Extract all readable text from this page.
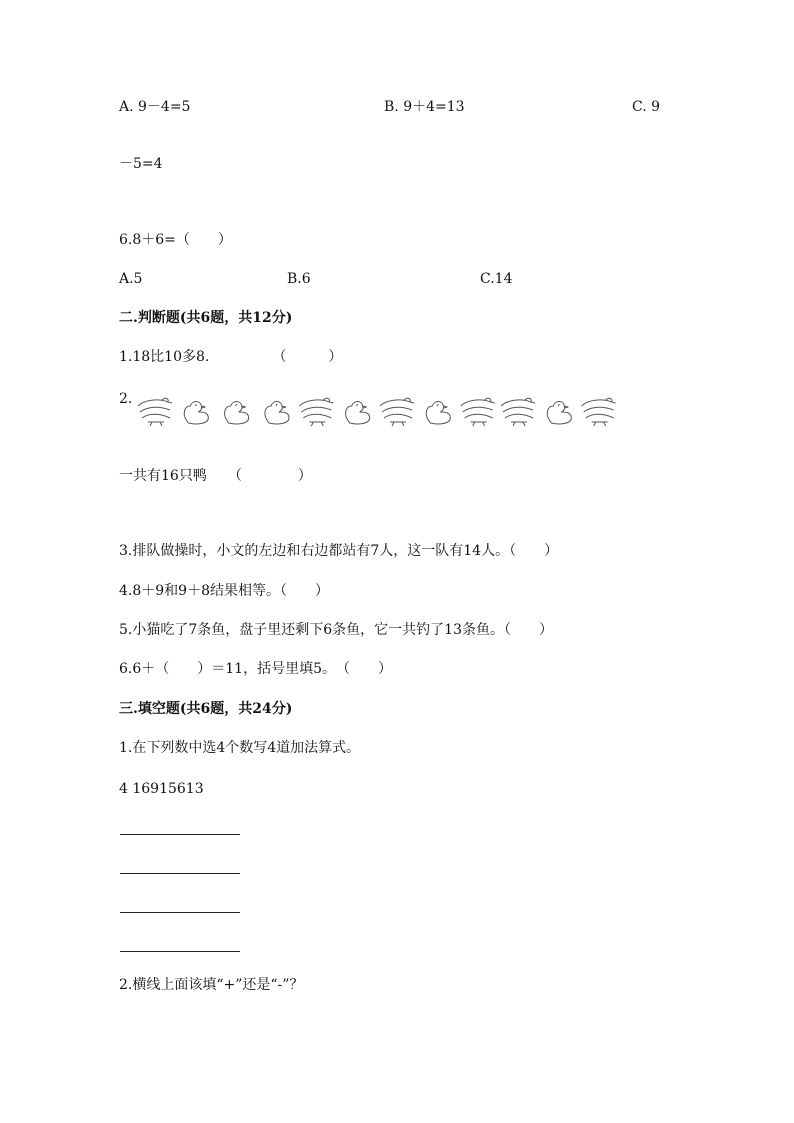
A. 9－4=5	B. 9＋4=13	C. 9
－5=4
6.8＋6=（　　）
A.5	B.6	C.14
二.判断题(共6题，共12分)
1.18比10多8.　　　　　（　　　）
2.
一共有16只鸭　　（　　　　）
3.排队做操时，小文的左边和右边都站有7人，这一队有14人。（　　）
4.8＋9和9＋8结果相等。（　　）
5.小猫吃了7条鱼，盘子里还剩下6条鱼，它一共钓了13条鱼。（　　）
6.6＋（　　）＝11，括号里填5。　（　　）
三.填空题(共6题，共24分)
1.在下列数中选4个数写4道加法算式。
4 16915613
2.横线上面该填“+”还是“-”？
